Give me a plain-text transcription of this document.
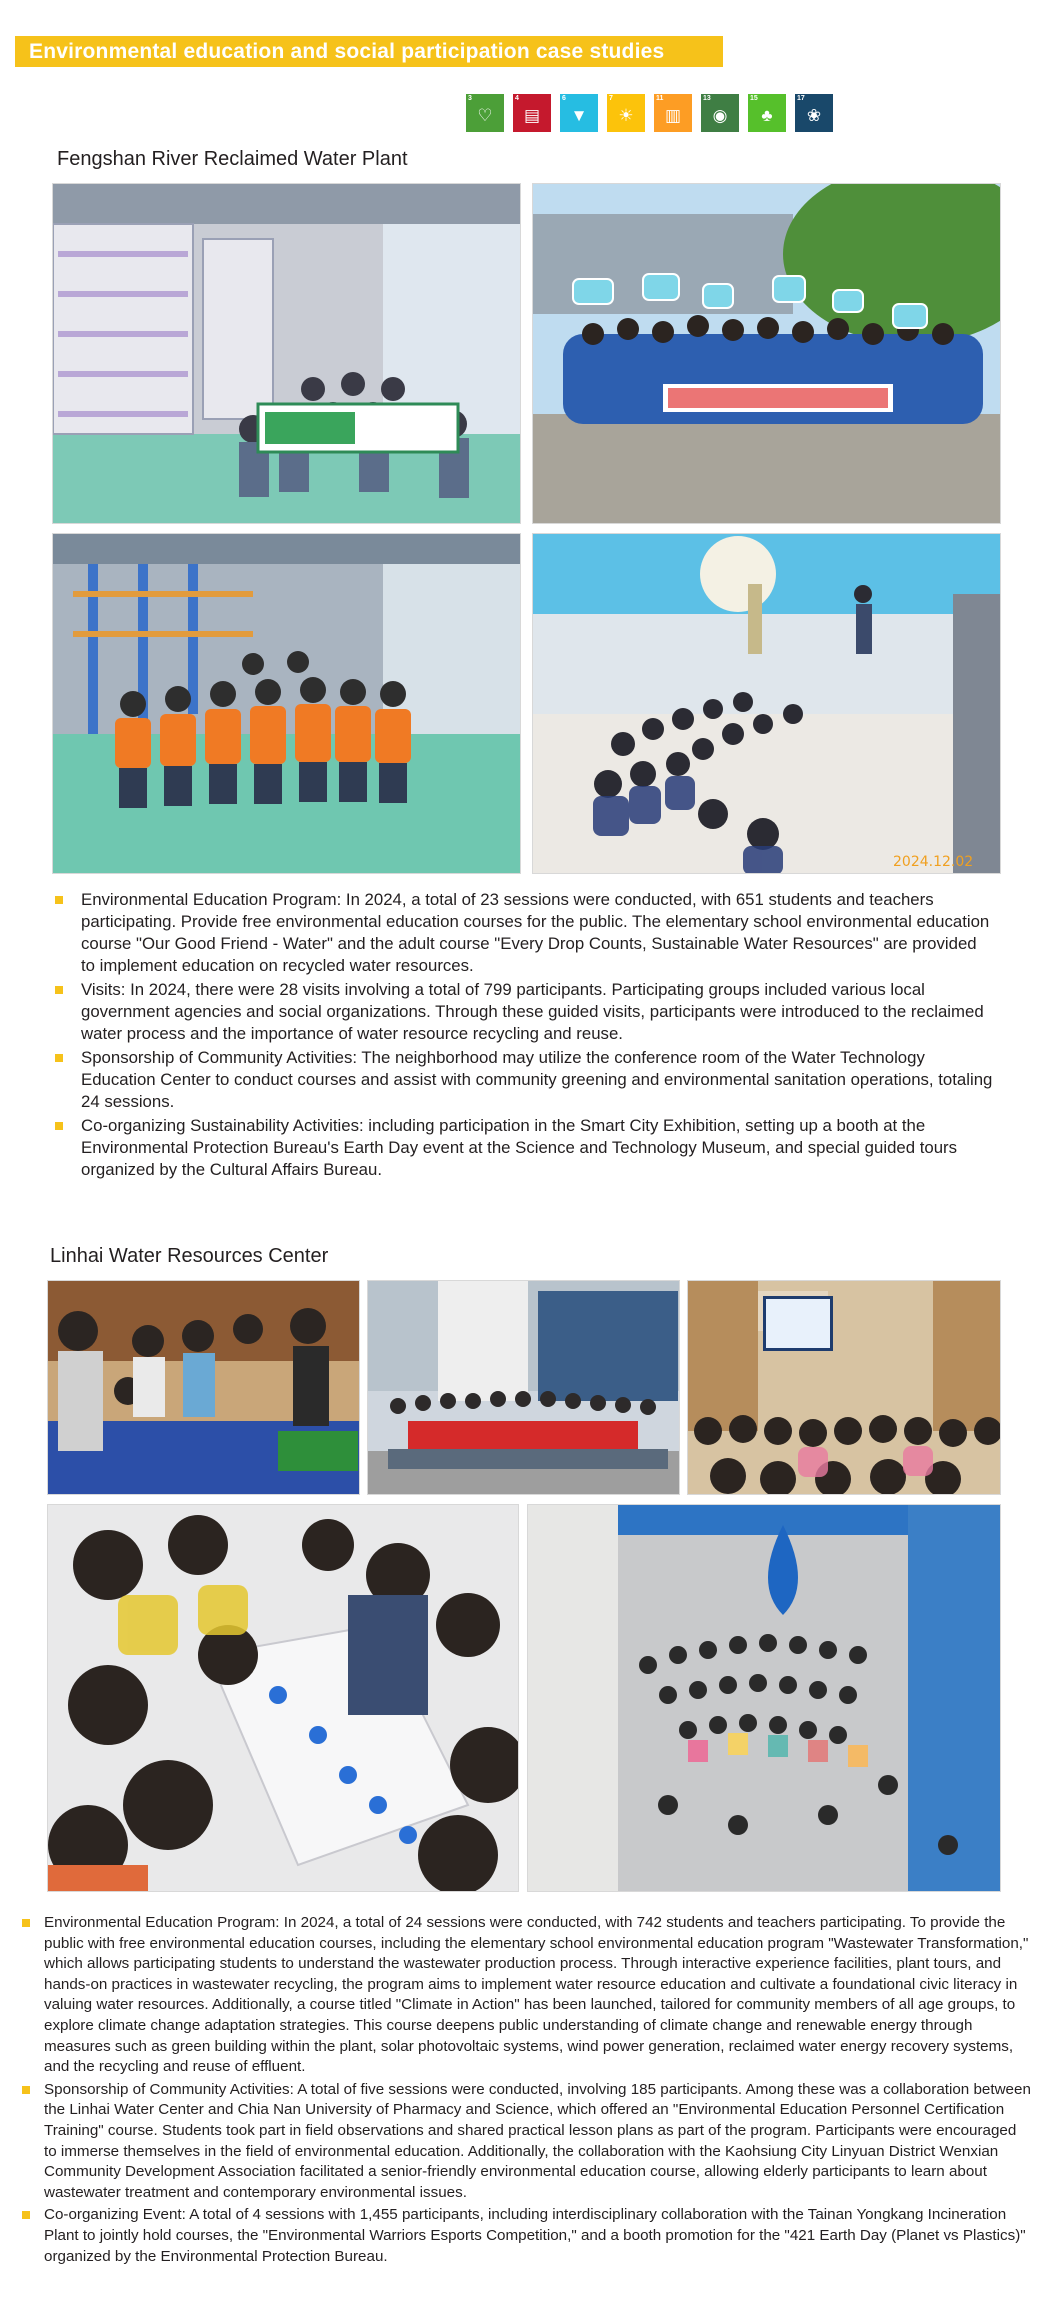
Environmental education and social participation case studies
3
♡
4
▤
6
▼
7
☀
11
▥
13
◉
15
♣
17
❀
Fengshan River Reclaimed Water Plant
2024.12.02
Environmental Education Program: In 2024, a total of 23 sessions were conducted, with 651 students and teachers participating. Provide free environmental education courses for the public. The elementary school environmental education course "Our Good Friend - Water" and the adult course "Every Drop Counts, Sustainable Water Resources" are provided to implement education on recycled water resources.
Visits: In 2024, there were 28 visits involving a total of 799 participants. Participating groups included various local government agencies and social organizations. Through these guided visits, participants were introduced to the reclaimed water process and the importance of water resource recycling and reuse.
Sponsorship of Community Activities: The neighborhood may utilize the conference room of the Water Technology Education Center to conduct courses and assist with community greening and environmental sanitation operations, totaling 24 sessions.
Co-organizing Sustainability Activities: including participation in the Smart City Exhibition, setting up a booth at the Environmental Protection Bureau's Earth Day event at the Science and Technology Museum, and special guided tours organized by the Cultural Affairs Bureau.
Linhai Water Resources Center
Environmental Education Program: In 2024, a total of 24 sessions were conducted, with 742 students and teachers participating. To provide the public with free environmental education courses, including the elementary school environmental education program "Wastewater Transformation," which allows participating students to understand the wastewater production process. Through interactive experience facilities, plant tours, and hands-on practices in wastewater recycling, the program aims to implement water resource education and cultivate a foundational civic literacy in valuing water resources. Additionally, a course titled "Climate in Action" has been launched, tailored for community members of all age groups, to explore climate change adaptation strategies. This course deepens public understanding of climate change and renewable energy through measures such as green building within the plant, solar photovoltaic systems, wind power generation, reclaimed water energy recovery systems, and the recycling and reuse of effluent.
Sponsorship of Community Activities: A total of five sessions were conducted, involving 185 participants. Among these was a collaboration between the Linhai Water Center and Chia Nan University of Pharmacy and Science, which offered an "Environmental Education Personnel Certification Training" course. Students took part in field observations and shared practical lesson plans as part of the program. Participants were encouraged to immerse themselves in the field of environmental education. Additionally, the collaboration with the Kaohsiung City Linyuan District Wenxian Community Development Association facilitated a senior-friendly environmental education course, allowing elderly participants to learn about wastewater treatment and contemporary environmental issues.
Co-organizing Event: A total of 4 sessions with 1,455 participants, including interdisciplinary collaboration with the Tainan Yongkang Incineration Plant to jointly hold courses, the "Environmental Warriors Esports Competition," and a booth promotion for the "421 Earth Day (Planet vs Plastics)" organized by the Environmental Protection Bureau.
